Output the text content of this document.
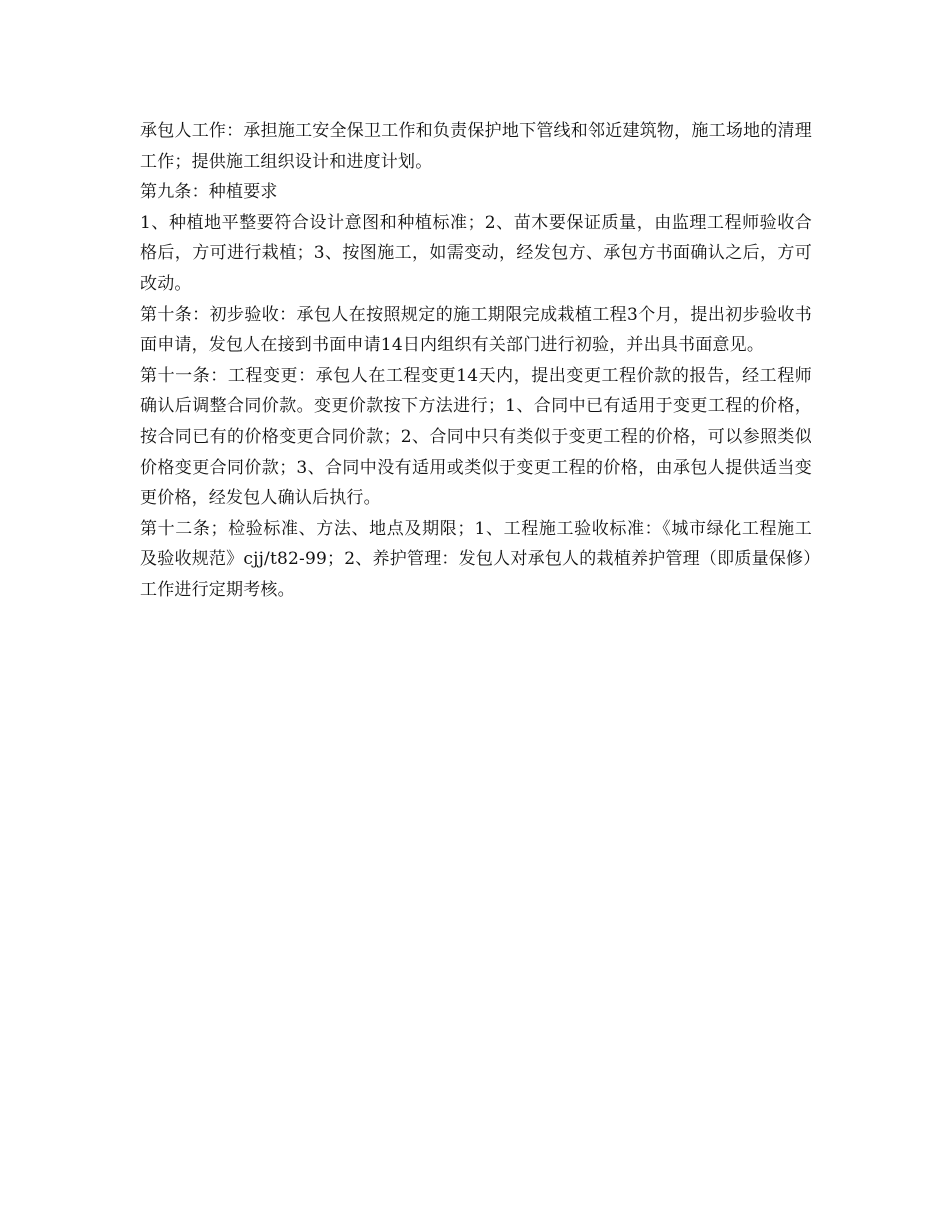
承包人工作：承担施工安全保卫工作和负责保护地下管线和邻近建筑物，施工场地的清理工作；提供施工组织设计和进度计划。

第九条：种植要求

1、种植地平整要符合设计意图和种植标准；2、苗木要保证质量，由监理工程师验收合格后，方可进行栽植；3、按图施工，如需变动，经发包方、承包方书面确认之后，方可改动。

第十条：初步验收：承包人在按照规定的施工期限完成栽植工程3个月，提出初步验收书面申请，发包人在接到书面申请14日内组织有关部门进行初验，并出具书面意见。

第十一条：工程变更：承包人在工程变更14天内，提出变更工程价款的报告，经工程师确认后调整合同价款。变更价款按下方法进行；1、合同中已有适用于变更工程的价格，按合同已有的价格变更合同价款；2、合同中只有类似于变更工程的价格，可以参照类似价格变更合同价款；3、合同中没有适用或类似于变更工程的价格，由承包人提供适当变更价格，经发包人确认后执行。

第十二条；检验标准、方法、地点及期限；1、工程施工验收标准：《城市绿化工程施工及验收规范》cjj/t82-99；2、养护管理：发包人对承包人的栽植养护管理（即质量保修）工作进行定期考核。
